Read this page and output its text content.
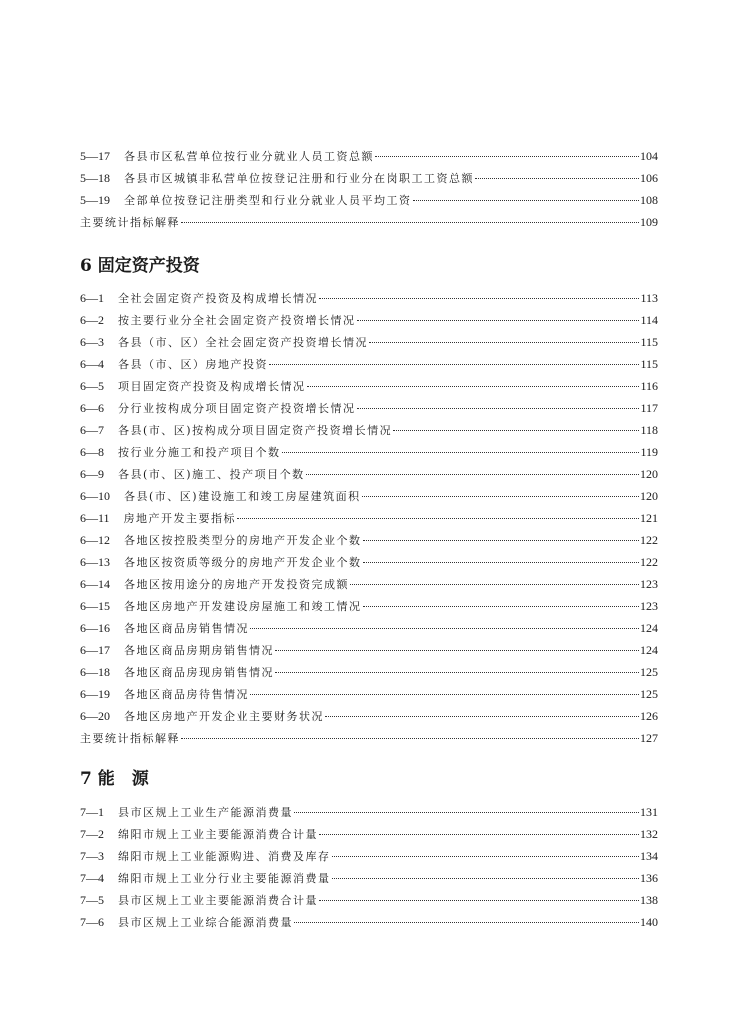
5—17 各县市区私营单位按行业分就业人员工资总额	104
5—18 各县市区城镇非私营单位按登记注册和行业分在岗职工工资总额	106
5—19 全部单位按登记注册类型和行业分就业人员平均工资	108
主要统计指标解释	109
6 固定资产投资
6—1 全社会固定资产投资及构成增长情况	113
6—2 按主要行业分全社会固定资产投资增长情况	114
6—3 各县（市、区）全社会固定资产投资增长情况	115
6—4 各县（市、区）房地产投资	115
6—5 项目固定资产投资及构成增长情况	116
6—6 分行业按构成分项目固定资产投资增长情况	117
6—7 各县(市、区)按构成分项目固定资产投资增长情况	118
6—8 按行业分施工和投产项目个数	119
6—9 各县(市、区)施工、投产项目个数	120
6—10 各县(市、区)建设施工和竣工房屋建筑面积	120
6—11 房地产开发主要指标	121
6—12 各地区按控股类型分的房地产开发企业个数	122
6—13 各地区按资质等级分的房地产开发企业个数	122
6—14 各地区按用途分的房地产开发投资完成额	123
6—15 各地区房地产开发建设房屋施工和竣工情况	123
6—16 各地区商品房销售情况	124
6—17 各地区商品房期房销售情况	124
6—18 各地区商品房现房销售情况	125
6—19 各地区商品房待售情况	125
6—20 各地区房地产开发企业主要财务状况	126
主要统计指标解释	127
7 能　源
7—1 县市区规上工业生产能源消费量	131
7—2 绵阳市规上工业主要能源消费合计量	132
7—3 绵阳市规上工业能源购进、消费及库存	134
7—4 绵阳市规上工业分行业主要能源消费量	136
7—5 县市区规上工业主要能源消费合计量	138
7—6 县市区规上工业综合能源消费量	140
